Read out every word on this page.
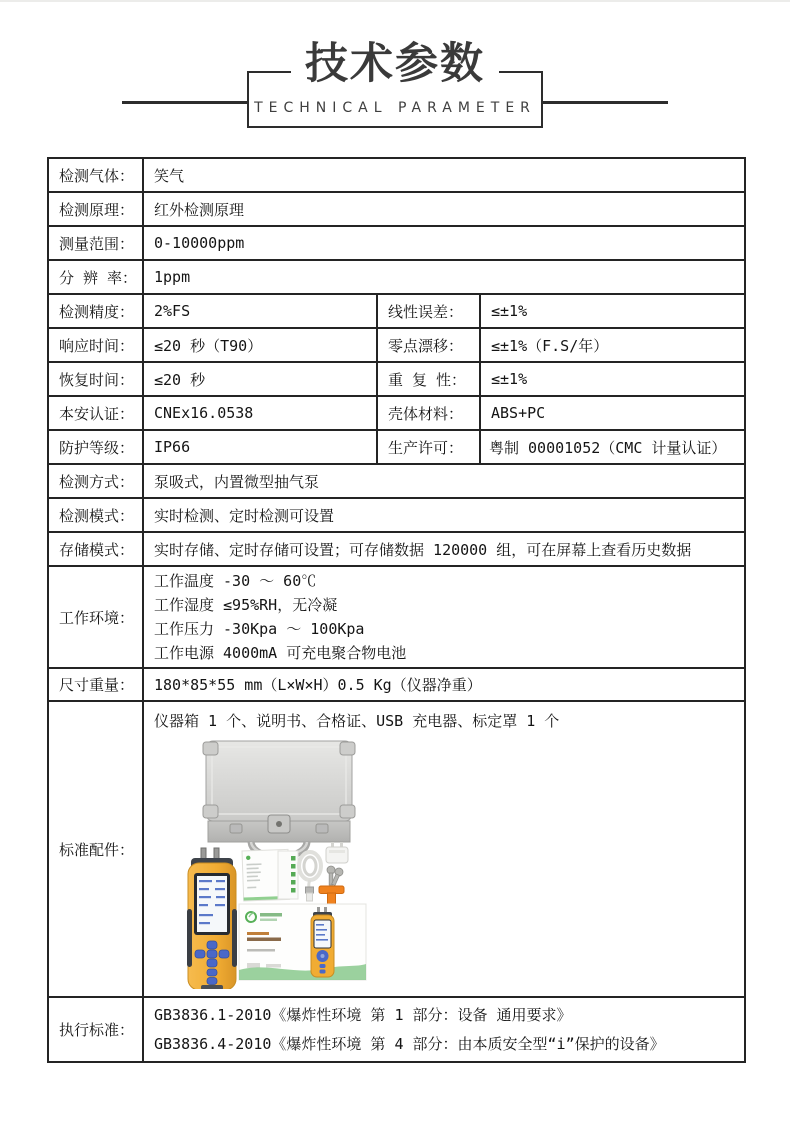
技术参数
TECHNICAL PARAMETER
检测气体：	笑气		
检测原理：	红外检测原理		
测量范围：	0-10000ppm		
分 辨 率：	1ppm		
检测精度：	2%FS	线性误差：	≤±1%
响应时间：	≤20 秒（T90）	零点漂移：	≤±1%（F.S/年）
恢复时间：	≤20 秒	重 复 性：	≤±1%
本安认证：	CNEx16.0538	壳体材料：	ABS+PC
防护等级：	IP66	生产许可：	粤制 00001052（CMC 计量认证）
检测方式：	泵吸式，内置微型抽气泵		
检测模式：	实时检测、定时检测可设置		
存储模式：	实时存储、定时存储可设置；可存储数据 120000 组，可在屏幕上查看历史数据		
工作环境：	工作温度 -30 ～ 60℃
工作湿度 ≤95%RH，无冷凝
工作压力 -30Kpa ～ 100Kpa
工作电源 4000mA 可充电聚合物电池		

尺寸重量：	180*85*55 mm（L×W×H）0.5 Kg（仪器净重）		
标准配件：	仪器箱 1 个、说明书、合格证、USB 充电器、标定罩 1 个		

执行标准：	GB3836.1-2010《爆炸性环境 第 1 部分：设备 通用要求》
GB3836.4-2010《爆炸性环境 第 4 部分：由本质安全型“i”保护的设备》		
